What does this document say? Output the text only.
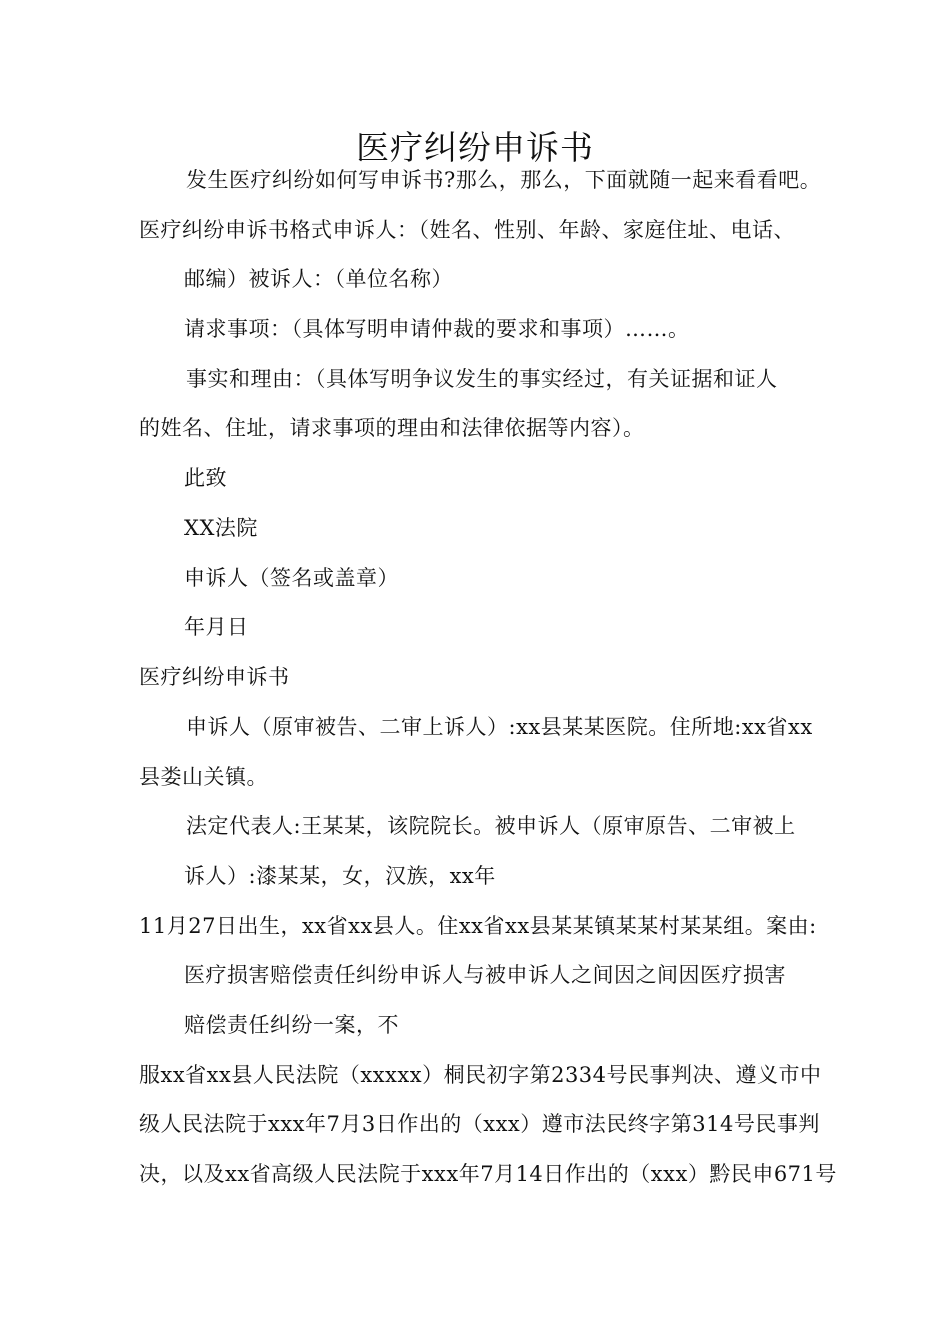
医疗纠纷申诉书
发生医疗纠纷如何写申诉书?那么，那么，下面就随一起来看看吧。
医疗纠纷申诉书格式申诉人：（姓名、性别、年龄、家庭住址、电话、
邮编）被诉人：（单位名称）
请求事项：（具体写明申请仲裁的要求和事项）……。
事实和理由：（具体写明争议发生的事实经过，有关证据和证人
的姓名、住址，请求事项的理由和法律依据等内容）。
此致
XX法院
申诉人（签名或盖章）
年月日
医疗纠纷申诉书
申诉人（原审被告、二审上诉人）:xx县某某医院。住所地:xx省xx
县娄山关镇。
法定代表人:王某某，该院院长。被申诉人（原审原告、二审被上
诉人）:漆某某，女，汉族，xx年
11月27日出生，xx省xx县人。住xx省xx县某某镇某某村某某组。案由:
医疗损害赔偿责任纠纷申诉人与被申诉人之间因之间因医疗损害
赔偿责任纠纷一案，不
服xx省xx县人民法院（xxxxx）桐民初字第2334号民事判决、遵义市中
级人民法院于xxx年7月3日作出的（xxx）遵市法民终字第314号民事判
决，以及xx省高级人民法院于xxx年7月14日作出的（xxx）黔民申671号
